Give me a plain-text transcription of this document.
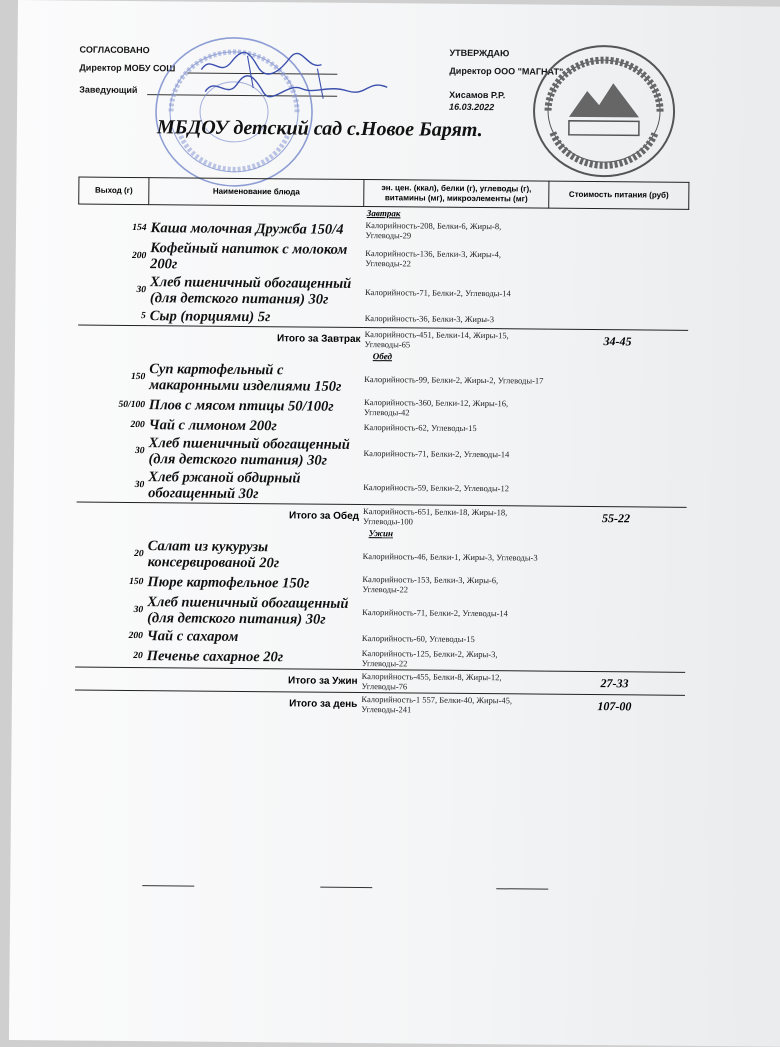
СОГЛАСОВАНО
Директор МОБУ СОШ
Заведующий
УТВЕРЖДАЮ
Директор ООО "МАГНАТ"
Хисамов Р.Р.
16.03.2022
МБДОУ детский сад с.Новое Барят.
Выход (г)	Наименование блюда	эн. цен. (ккал), белки (г), углеводы (г), витамины (мг), микроэлементы (мг)	Стоимость питания (руб)
Завтрак			
154	Каша молочная Дружба 150/4	Калорийность-208, Белки-6, Жиры-8, Углеводы-29	
200	Кофейный напиток с молоком 200г	Калорийность-136, Белки-3, Жиры-4, Углеводы-22	
30	Хлеб пшеничный обогащенный (для детского питания) 30г	Калорийность-71, Белки-2, Углеводы-14	
5	Сыр (порциями) 5г	Калорийность-36, Белки-3, Жиры-3	
Итого за Завтрак		Калорийность-451, Белки-14, Жиры-15, Углеводы-65	34-45
Обед			
150	Суп картофельный с макаронными изделиями 150г	Калорийность-99, Белки-2, Жиры-2, Углеводы-17	
50/100	Плов с мясом птицы 50/100г	Калорийность-360, Белки-12, Жиры-16, Углеводы-42	
200	Чай с лимоном 200г	Калорийность-62, Углеводы-15	
30	Хлеб пшеничный обогащенный (для детского питания) 30г	Калорийность-71, Белки-2, Углеводы-14	
30	Хлеб ржаной обдирный обогащенный 30г	Калорийность-59, Белки-2, Углеводы-12	
Итого за Обед		Калорийность-651, Белки-18, Жиры-18, Углеводы-100	55-22
Ужин			
20	Салат из кукурузы консервированой 20г	Калорийность-46, Белки-1, Жиры-3, Углеводы-3	
150	Пюре картофельное 150г	Калорийность-153, Белки-3, Жиры-6, Углеводы-22	
30	Хлеб пшеничный обогащенный (для детского питания) 30г	Калорийность-71, Белки-2, Углеводы-14	
200	Чай с сахаром	Калорийность-60, Углеводы-15	
20	Печенье сахарное 20г	Калорийность-125, Белки-2, Жиры-3, Углеводы-22	
Итого за Ужин		Калорийность-455, Белки-8, Жиры-12, Углеводы-76	27-33
Итого за день		Калорийность-1 557, Белки-40, Жиры-45, Углеводы-241	107-00
